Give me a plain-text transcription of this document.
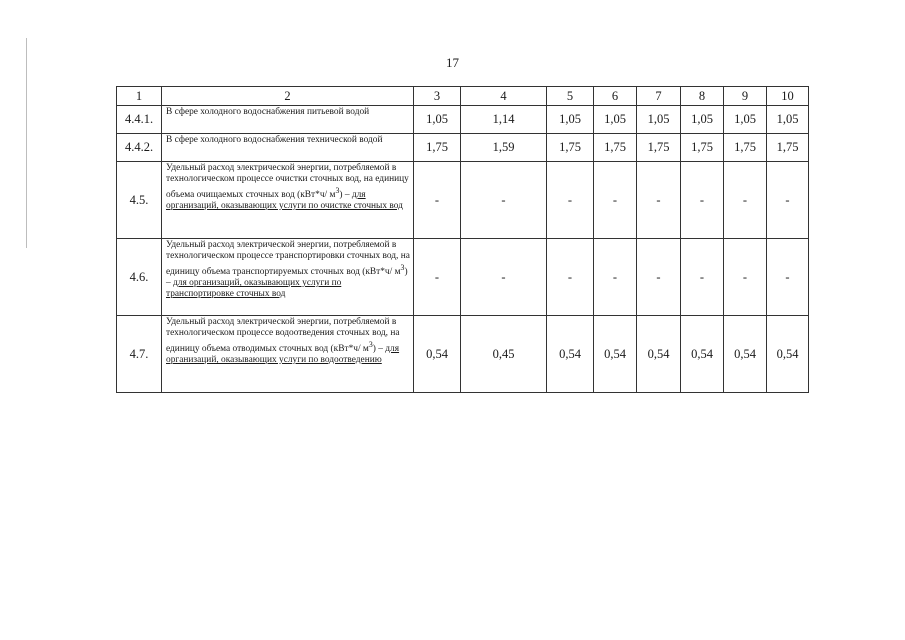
17
1	2	3	4	5	6	7	8	9	10
4.4.1.	В сфере холодного водоснабжения питьевой водой	1,05	1,14	1,05	1,05	1,05	1,05	1,05	1,05
4.4.2.	В сфере холодного водоснабжения технической водой	1,75	1,59	1,75	1,75	1,75	1,75	1,75	1,75
4.5.	Удельный расход электрической энергии, потребляемой в технологическом процессе очистки сточных вод, на единицу объема очищаемых сточных вод (кВт*ч/ $м^3$) – для организаций, оказывающих услуги по очистке сточных вод	-	-	-	-	-	-	-	-
4.6.	Удельный расход электрической энергии, потребляемой в технологическом процессе транспортировки сточных вод, на единицу объема транспортируемых сточных вод (кВт*ч/ $м^3$) – для организаций, оказывающих услуги по транспортировке сточных вод	-	-	-	-	-	-	-	-
4.7.	Удельный расход электрической энергии, потребляемой в технологическом процессе водоотведения сточных вод, на единицу объема отводимых сточных вод (кВт*ч/ $м^3$) – для организаций, оказывающих услуги по водоотведению	0,54	0,45	0,54	0,54	0,54	0,54	0,54	0,54
